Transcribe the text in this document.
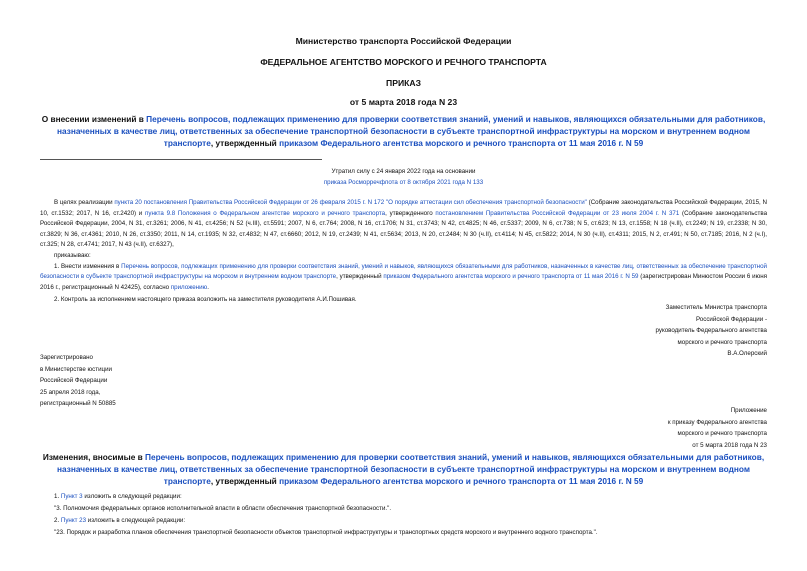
Министерство транспорта Российской Федерации
ФЕДЕРАЛЬНОЕ АГЕНТСТВО МОРСКОГО И РЕЧНОГО ТРАНСПОРТА
ПРИКАЗ
от 5 марта 2018 года N 23
О внесении изменений в Перечень вопросов, подлежащих применению для проверки соответствия знаний, умений и навыков, являющихся обязательными для работников, назначенных в качестве лиц, ответственных за обеспечение транспортной безопасности в субъекте транспортной инфраструктуры на морском и внутреннем водном транспорте, утвержденный приказом Федерального агентства морского и речного транспорта от 11 мая 2016 г. N 59
Утратил силу с 24 января 2022 года на основании
приказа Росморречфлота от 8 октября 2021 года N 133

В целях реализации пункта 20 постановления Правительства Российской Федерации от 26 февраля 2015 г. N 172 "О порядке аттестации сил обеспечения транспортной безопасности" (Собрание законодательства Российской Федерации, 2015, N 10, ст.1532; 2017, N 16, ст.2420) и пункта 9.8 Положения о Федеральном агентстве морского и речного транспорта, утвержденного постановлением Правительства Российской Федерации от 23 июля 2004 г. N 371 (Собрание законодательства Российской Федерации, 2004, N 31, ст.3261; 2006, N 41, ст.4256; N 52 (ч.III), ст.5591; 2007, N 6, ст.764; 2008, N 16, ст.1706; N 31, ст.3743; N 42, ст.4825; N 46, ст.5337; 2009, N 6, ст.738; N 5, ст.623; N 13, ст.1558; N 18 (ч.II), ст.2249; N 19, ст.2338; N 30, ст.3829; N 36, ст.4361; 2010, N 26, ст.3350; 2011, N 14, ст.1935; N 32, ст.4832; N 47, ст.6660; 2012, N 19, ст.2439; N 41, ст.5634; 2013, N 20, ст.2484; N 30 (ч.II), ст.4114; N 45, ст.5822; 2014, N 30 (ч.II), ст.4311; 2015, N 2, ст.491; N 50, ст.7185; 2016, N 2 (ч.I), ст.325; N 28, ст.4741; 2017, N 43 (ч.II), ст.6327),

приказываю:

1. Внести изменения в Перечень вопросов, подлежащих применению для проверки соответствия знаний, умений и навыков, являющихся обязательными для работников, назначенных в качестве лиц, ответственных за обеспечение транспортной безопасности в субъекте транспортной инфраструктуры на морском и внутреннем водном транспорте, утвержденный приказом Федерального агентства морского и речного транспорта от 11 мая 2016 г. N 59 (зарегистрирован Минюстом России 6 июня 2016 г., регистрационный N 42425), согласно приложению.

2. Контроль за исполнением настоящего приказа возложить на заместителя руководителя А.И.Пошивая.

Заместитель Министра транспорта
Российской Федерации -
руководитель Федерального агентства
морского и речного транспорта
В.А.Олерский
Зарегистрировано
в Министерстве юстиции
Российской Федерации
25 апреля 2018 года,
регистрационный N 50885
Приложение
к приказу Федерального агентства
морского и речного транспорта
от 5 марта 2018 года N 23
Изменения, вносимые в Перечень вопросов, подлежащих применению для проверки соответствия знаний, умений и навыков, являющихся обязательными для работников, назначенных в качестве лиц, ответственных за обеспечение транспортной безопасности в субъекте транспортной инфраструктуры на морском и внутреннем водном транспорте, утвержденный приказом Федерального агентства морского и речного транспорта от 11 мая 2016 г. N 59

1. Пункт 3 изложить в следующей редакции:

"3. Полномочия федеральных органов исполнительной власти в области обеспечения транспортной безопасности.".

2. Пункт 23 изложить в следующей редакции:

"23. Порядок и разработка планов обеспечения транспортной безопасности объектов транспортной инфраструктуры и транспортных средств морского и внутреннего водного транспорта.".
